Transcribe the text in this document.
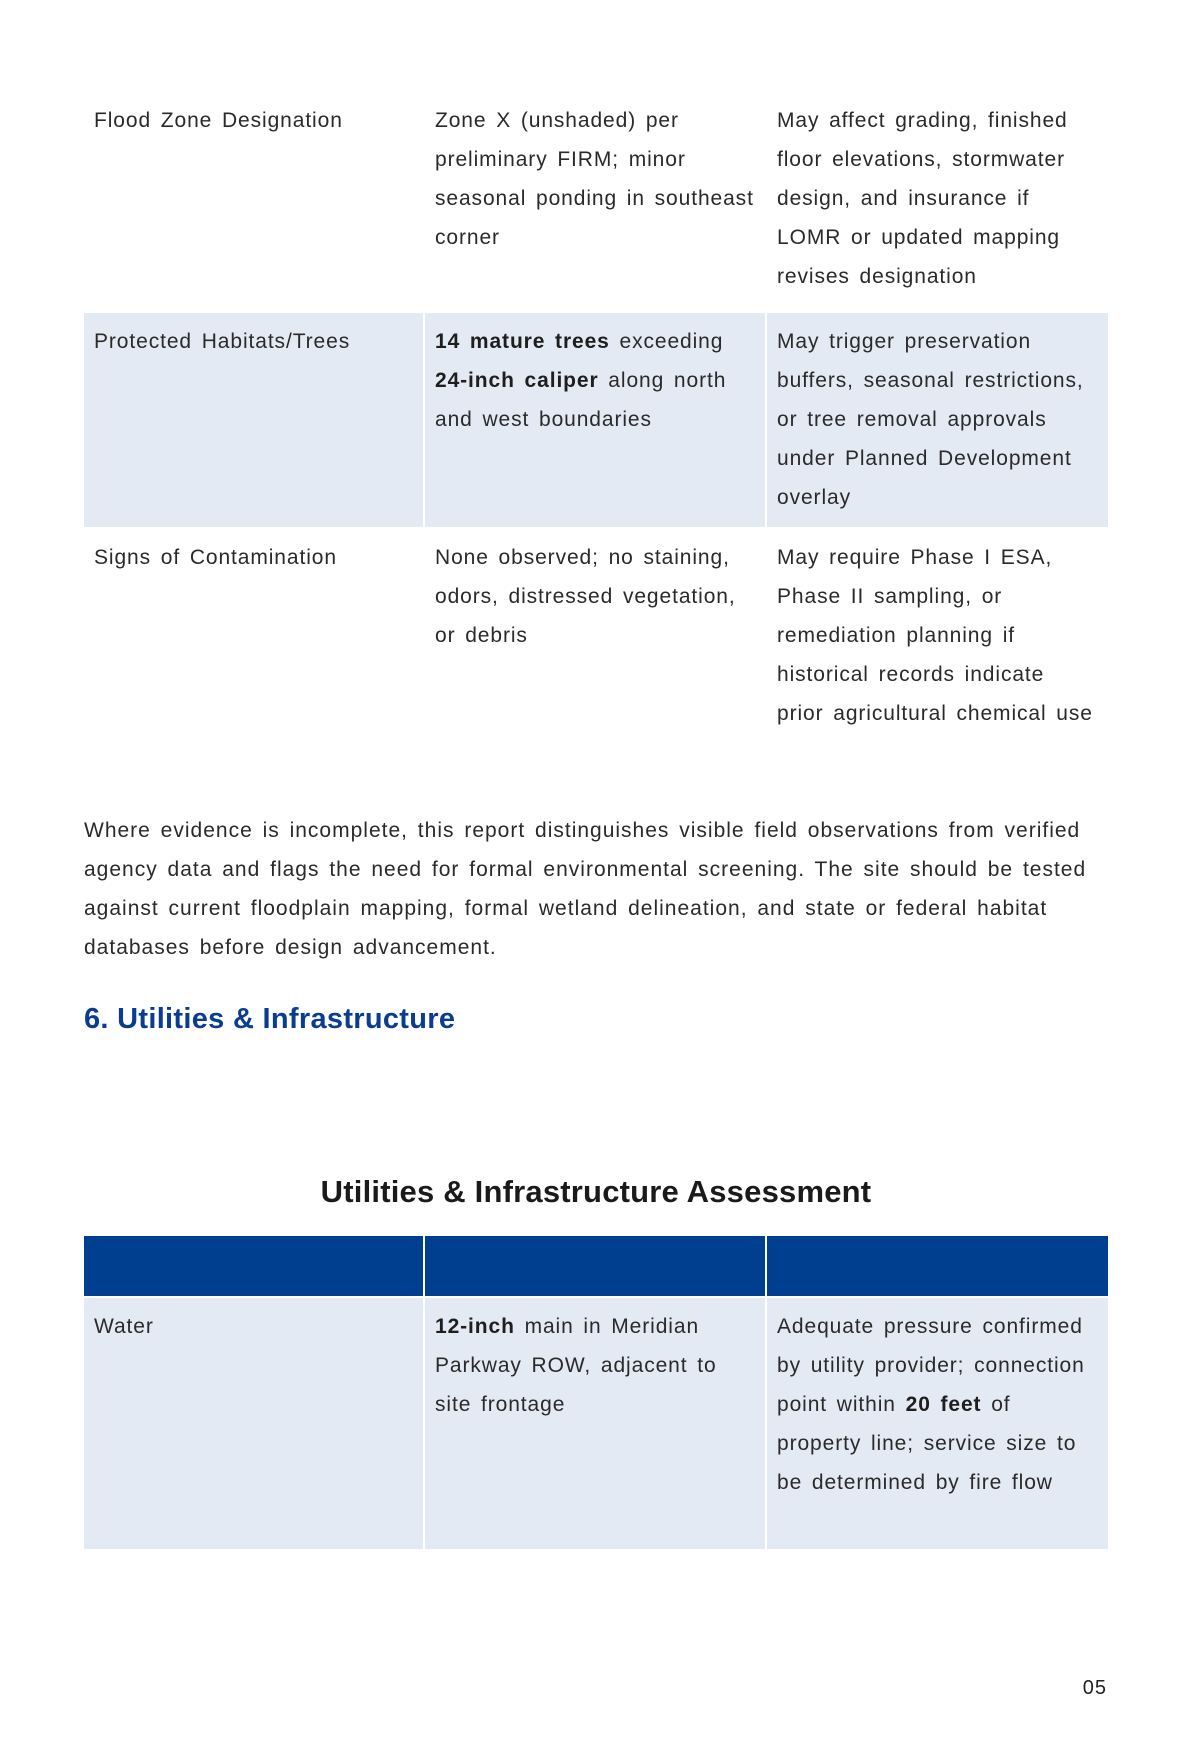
Flood Zone Designation	Zone X (unshaded) per preliminary FIRM; minor seasonal ponding in southeast corner	May affect grading, finished floor elevations, stormwater design, and insurance if LOMR or updated mapping revises designation
Protected Habitats/Trees	14 mature trees exceeding 24-inch caliper along north and west boundaries	May trigger preservation buffers, seasonal restrictions, or tree removal approvals under Planned Development overlay
Signs of Contamination	None observed; no staining, odors, distressed vegetation, or debris	May require Phase I ESA, Phase II sampling, or remediation planning if historical records indicate prior agricultural chemical use

Where evidence is incomplete, this report distinguishes visible field observations from verified agency data and flags the need for formal environmental screening. The site should be tested against current floodplain mapping, formal wetland delineation, and state or federal habitat databases before design advancement.

6. Utilities & Infrastructure
Utilities & Infrastructure Assessment

Water	12-inch main in Meridian Parkway ROW, adjacent to site frontage	Adequate pressure confirmed by utility provider; connection point within 20 feet of property line; service size to be determined by fire flow
05
